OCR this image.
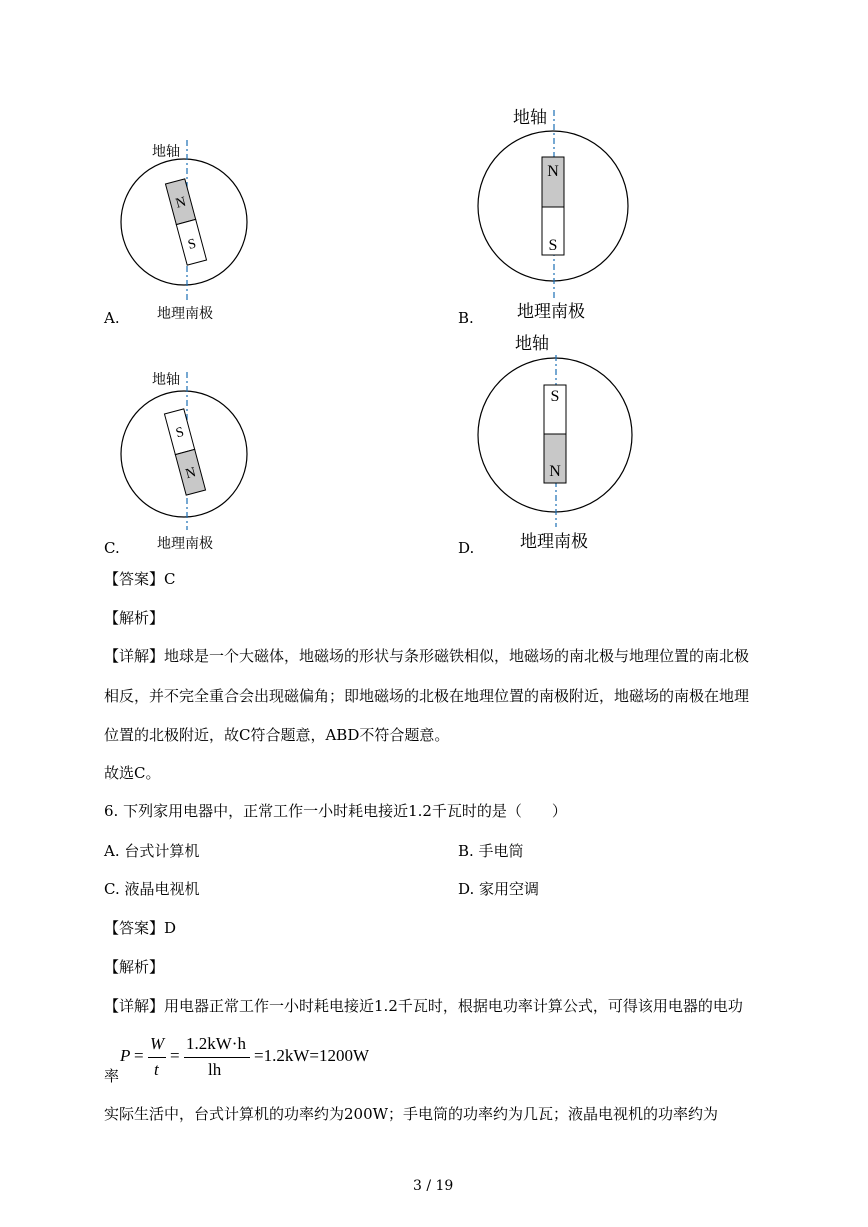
N
S
地轴
地理南极
A.
N
S
地轴
地理南极
B.
S
N
地轴
地理南极
C.
S
N
地轴
地理南极
D.
【答案】C
【解析】
【详解】地球是一个大磁体，地磁场的形状与条形磁铁相似，地磁场的南北极与地理位置的南北极
相反，并不完全重合会出现磁偏角；即地磁场的北极在地理位置的南极附近，地磁场的南极在地理
位置的北极附近，故C符合题意，ABD不符合题意。
故选C。
6. 下列家用电器中，正常工作一小时耗电接近1.2千瓦时的是（　　）
A. 台式计算机	B. 手电筒
C. 液晶电视机	D. 家用空调
【答案】D
【解析】
【详解】用电器正常工作一小时耗电接近1.2千瓦时，根据电功率计算公式，可得该用电器的电功
率
P =
W
t
=
1.2kW·h
lh
=1.2kW=1200W
实际生活中，台式计算机的功率约为200W；手电筒的功率约为几瓦；液晶电视机的功率约为
3 / 19
